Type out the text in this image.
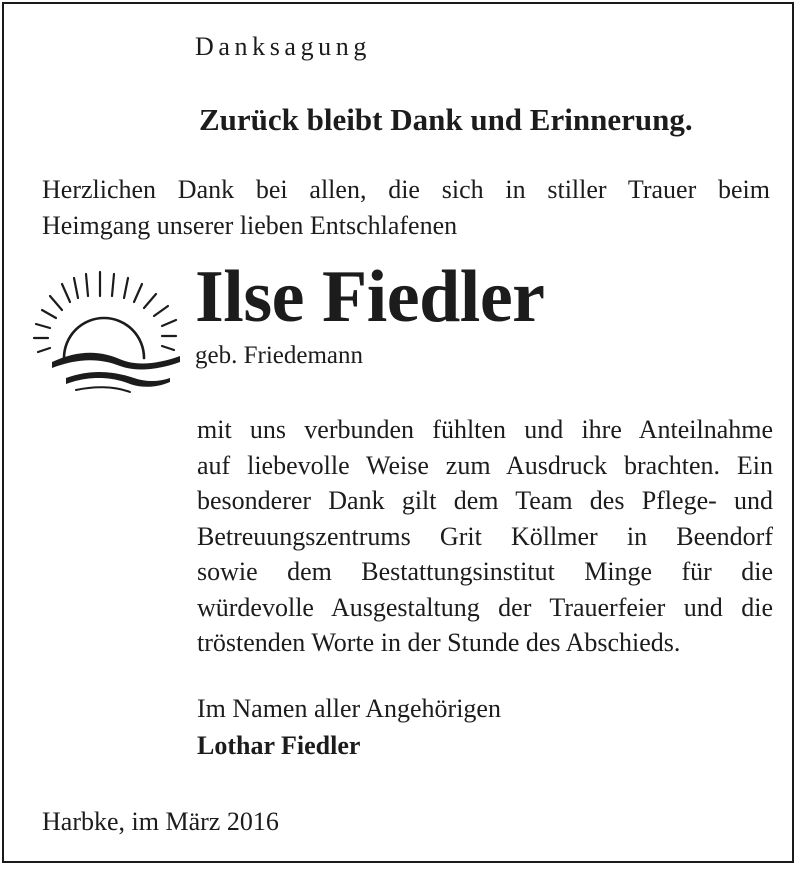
Danksagung
Zurück bleibt Dank und Erinnerung.
Herzlichen Dank bei allen, die sich in stiller Trauer beim
Heimgang unserer lieben Entschlafenen
Ilse Fiedler
geb. Friedemann
mit uns verbunden fühlten und ihre Anteilnahme
auf liebevolle Weise zum Ausdruck brachten. Ein
besonderer Dank gilt dem Team des Pflege- und
Betreuungszentrums Grit Köllmer in Beendorf
sowie dem Bestattungsinstitut Minge für die
würdevolle Ausgestaltung der Trauerfeier und die
tröstenden Worte in der Stunde des Abschieds.
Im Namen aller Angehörigen
Lothar Fiedler
Harbke, im März 2016
